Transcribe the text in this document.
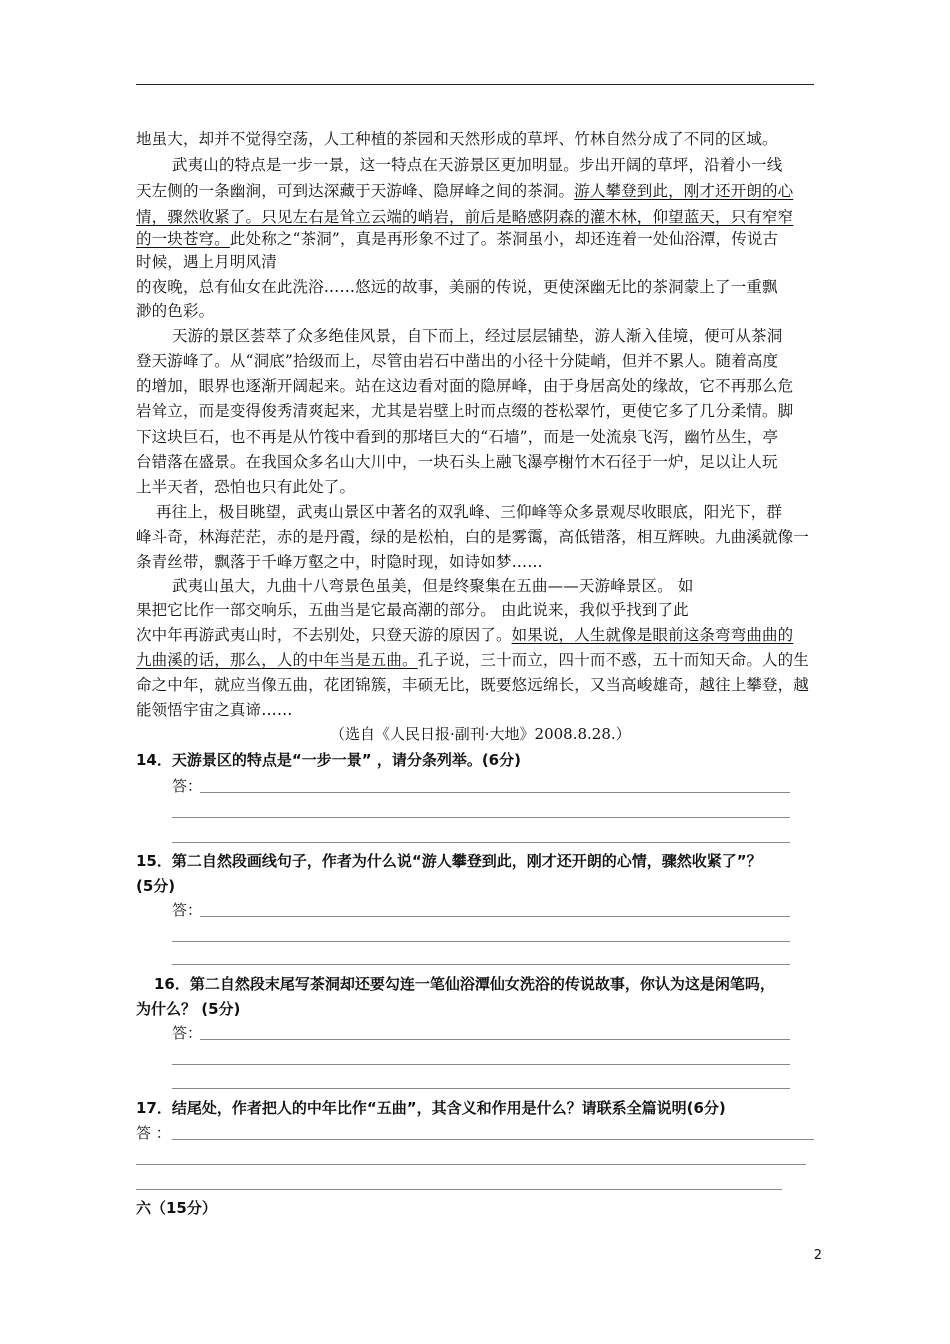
地虽大，却并不觉得空荡，人工种植的茶园和天然形成的草坪、竹林自然分成了不同的区域。
武夷山的特点是一步一景，这一特点在天游景区更加明显。步出开阔的草坪，沿着小一线
天左侧的一条幽涧，可到达深藏于天游峰、隐屏峰之间的茶洞。游人攀登到此，刚才还开朗的心
情，骤然收紧了。只见左右是耸立云端的峭岩，前后是略感阴森的灌木林，仰望蓝天，只有窄窄
的一块苍穹。此处称之“茶洞”，真是再形象不过了。茶洞虽小，却还连着一处仙浴潭，传说古
时候，遇上月明风清
的夜晚，总有仙女在此洗浴……悠远的故事，美丽的传说，更使深幽无比的茶洞蒙上了一重飘
渺的色彩。
天游的景区荟萃了众多绝佳风景，自下而上，经过层层铺垫，游人渐入佳境，便可从茶洞
登天游峰了。从“洞底”拾级而上，尽管由岩石中凿出的小径十分陡峭，但并不累人。随着高度
的增加，眼界也逐渐开阔起来。站在这边看对面的隐屏峰，由于身居高处的缘故，它不再那么危
岩耸立，而是变得俊秀清爽起来，尤其是岩壁上时而点缀的苍松翠竹，更使它多了几分柔情。脚
下这块巨石，也不再是从竹筏中看到的那堵巨大的“石墙”，而是一处流泉飞泻，幽竹丛生，亭
台错落在盛景。在我国众多名山大川中，一块石头上融飞瀑亭榭竹木石径于一炉，足以让人玩
上半天者，恐怕也只有此处了。
再往上，极目眺望，武夷山景区中著名的双乳峰、三仰峰等众多景观尽收眼底，阳光下，群
峰斗奇，林海茫茫，赤的是丹霞，绿的是松柏，白的是雾霭，高低错落，相互辉映。九曲溪就像一
条青丝带，飘落于千峰万壑之中，时隐时现，如诗如梦……
武夷山虽大，九曲十八弯景色虽美，但是终聚集在五曲——天游峰景区。 如
果把它比作一部交响乐，五曲当是它最高潮的部分。 由此说来，我似乎找到了此
次中年再游武夷山时，不去别处，只登天游的原因了。如果说，人生就像是眼前这条弯弯曲曲的
九曲溪的话，那么，人的中年当是五曲。孔子说，三十而立，四十而不惑，五十而知天命。人的生
命之中年，就应当像五曲，花团锦簇，丰硕无比，既要悠远绵长，又当高峻雄奇，越往上攀登，越
能领悟宇宙之真谛……
（选自《人民日报·副刊·大地》2008.8.28.）
14．天游景区的特点是“一步一景” ，请分条列举。(6分)
答：
15．第二自然段画线句子，作者为什么说“游人攀登到此，刚才还开朗的心情，骤然收紧了”？
(5分)
答：
16．第二自然段末尾写茶洞却还要勾连一笔仙浴潭仙女洗浴的传说故事，你认为这是闲笔吗，
为什么？ (5分)
答：
17．结尾处，作者把人的中年比作“五曲”，其含义和作用是什么？请联系全篇说明(6分)
答 ：
六（15分）
2
